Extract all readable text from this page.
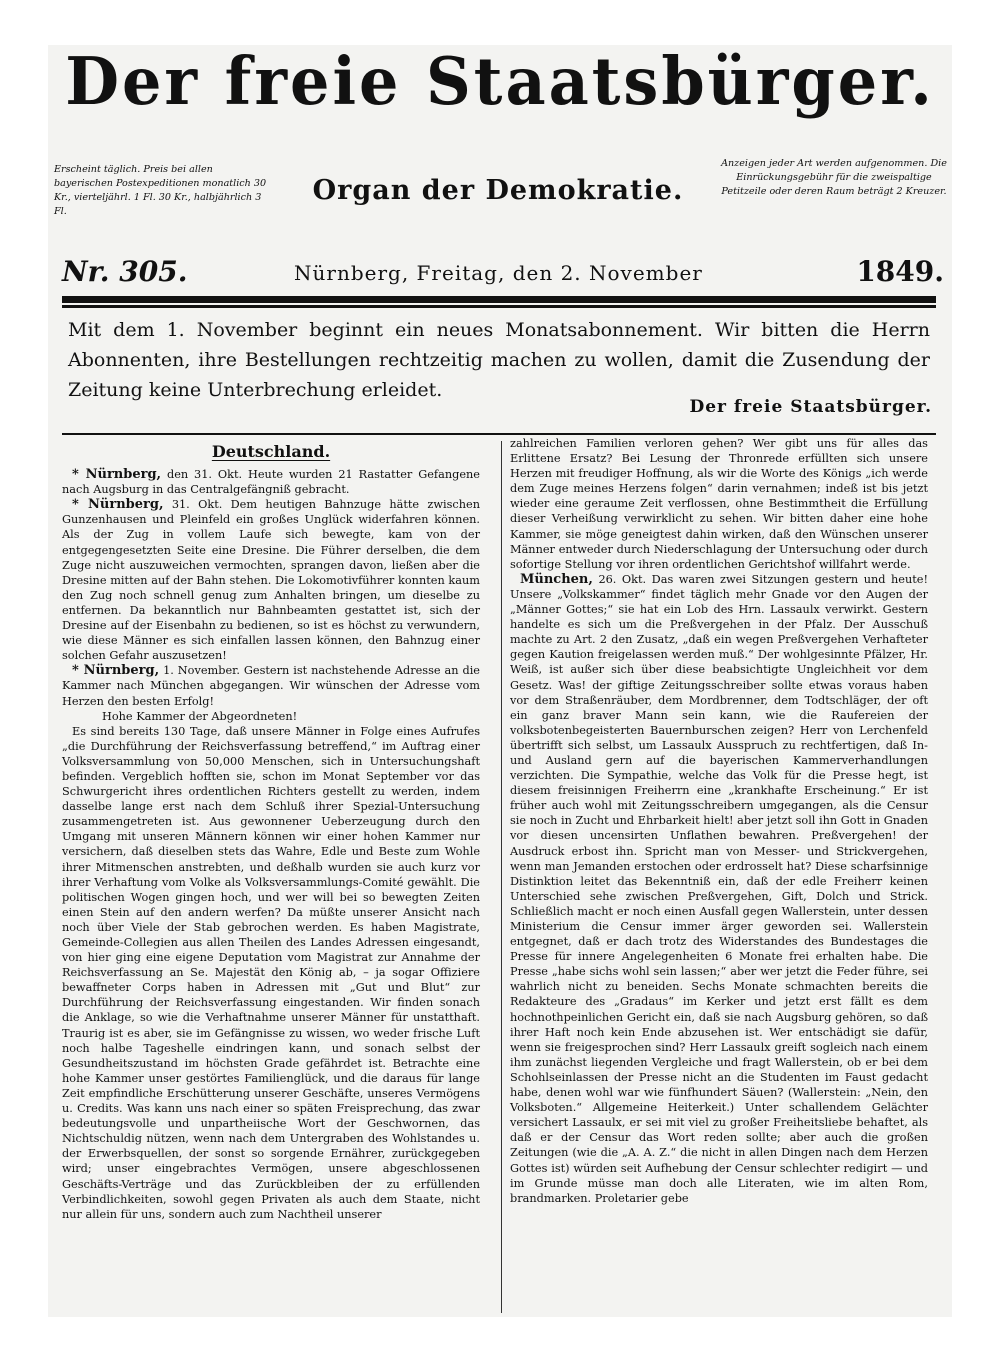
Der freie Staatsbürger.
Erscheint täglich. Preis bei allen bayerischen Postexpeditionen monatlich 30 Kr., vierteljährl. 1 Fl. 30 Kr., halbjährlich 3 Fl.
Organ der Demokratie.
Anzeigen jeder Art werden aufgenommen. Die Einrückungsgebühr für die zweispaltige Petitzeile oder deren Raum beträgt 2 Kreuzer.
Nr. 305.	Nürnberg, Freitag, den 2. November	1849.
Mit dem 1. November beginnt ein neues Monatsabonnement. Wir bitten die Herrn Abonnenten, ihre Bestellungen rechtzeitig machen zu wollen, damit die Zusendung der Zeitung keine Unterbrechung erleidet.
Der freie Staatsbürger.
Deutschland.

* Nürnberg, den 31. Okt. Heute wurden 21 Rastatter Gefangene nach Augsburg in das Centralgefängniß gebracht.

* Nürnberg, 31. Okt. Dem heutigen Bahnzuge hätte zwischen Gunzenhausen und Pleinfeld ein großes Unglück widerfahren können. Als der Zug in vollem Laufe sich bewegte, kam von der entgegengesetzten Seite eine Dresine. Die Führer derselben, die dem Zuge nicht auszuweichen vermochten, sprangen davon, ließen aber die Dresine mitten auf der Bahn stehen. Die Lokomotivführer konnten kaum den Zug noch schnell genug zum Anhalten bringen, um dieselbe zu entfernen. Da bekanntlich nur Bahnbeamten gestattet ist, sich der Dresine auf der Eisenbahn zu bedienen, so ist es höchst zu verwundern, wie diese Männer es sich einfallen lassen können, den Bahnzug einer solchen Gefahr auszusetzen!

* Nürnberg, 1. November. Gestern ist nachstehende Adresse an die Kammer nach München abgegangen. Wir wünschen der Adresse vom Herzen den besten Erfolg!

Hohe Kammer der Abgeordneten!

Es sind bereits 130 Tage, daß unsere Männer in Folge eines Aufrufes „die Durchführung der Reichsverfassung betreffend,“ im Auftrag einer Volksversammlung von 50,000 Menschen, sich in Untersuchungshaft befinden. Vergeblich hofften sie, schon im Monat September vor das Schwurgericht ihres ordentlichen Richters gestellt zu werden, indem dasselbe lange erst nach dem Schluß ihrer Spezial-Untersuchung zusammengetreten ist. Aus gewonnener Ueberzeugung durch den Umgang mit unseren Männern können wir einer hohen Kammer nur versichern, daß dieselben stets das Wahre, Edle und Beste zum Wohle ihrer Mitmenschen anstrebten, und deßhalb wurden sie auch kurz vor ihrer Verhaftung vom Volke als Volksversammlungs-Comité gewählt. Die politischen Wogen gingen hoch, und wer will bei so bewegten Zeiten einen Stein auf den andern werfen? Da müßte unserer Ansicht nach noch über Viele der Stab gebrochen werden. Es haben Magistrate, Gemeinde-Collegien aus allen Theilen des Landes Adressen eingesandt, von hier ging eine eigene Deputation vom Magistrat zur Annahme der Reichsverfassung an Se. Majestät den König ab, – ja sogar Offiziere bewaffneter Corps haben in Adressen mit „Gut und Blut“ zur Durchführung der Reichsverfassung eingestanden. Wir finden sonach die Anklage, so wie die Verhaftnahme unserer Männer für unstatthaft. Traurig ist es aber, sie im Gefängnisse zu wissen, wo weder frische Luft noch halbe Tageshelle eindringen kann, und sonach selbst der Gesundheitszustand im höchsten Grade gefährdet ist. Betrachte eine hohe Kammer unser gestörtes Familienglück, und die daraus für lange Zeit empfindliche Erschütterung unserer Geschäfte, unseres Vermögens u. Credits. Was kann uns nach einer so späten Freisprechung, das zwar bedeutungsvolle und unpartheiische Wort der Geschwornen, das Nichtschuldig nützen, wenn nach dem Untergraben des Wohlstandes u. der Erwerbsquellen, der sonst so sorgende Ernährer, zurückgegeben wird; unser eingebrachtes Vermögen, unsere abgeschlossenen Geschäfts-Verträge und das Zurückbleiben der zu erfüllenden Verbindlichkeiten, sowohl gegen Privaten als auch dem Staate, nicht nur allein für uns, sondern auch zum Nachtheil unserer

zahlreichen Familien verloren gehen? Wer gibt uns für alles das Erlittene Ersatz? Bei Lesung der Thronrede erfüllten sich unsere Herzen mit freudiger Hoffnung, als wir die Worte des Königs „ich werde dem Zuge meines Herzens folgen“ darin vernahmen; indeß ist bis jetzt wieder eine geraume Zeit verflossen, ohne Bestimmtheit die Erfüllung dieser Verheißung verwirklicht zu sehen. Wir bitten daher eine hohe Kammer, sie möge geneigtest dahin wirken, daß den Wünschen unserer Männer entweder durch Niederschlagung der Untersuchung oder durch sofortige Stellung vor ihren ordentlichen Gerichtshof willfahrt werde.

München, 26. Okt. Das waren zwei Sitzungen gestern und heute! Unsere „Volkskammer“ findet täglich mehr Gnade vor den Augen der „Männer Gottes;“ sie hat ein Lob des Hrn. Lassaulx verwirkt. Gestern handelte es sich um die Preßvergehen in der Pfalz. Der Ausschuß machte zu Art. 2 den Zusatz, „daß ein wegen Preßvergehen Verhafteter gegen Kaution freigelassen werden muß.“ Der wohlgesinnte Pfälzer, Hr. Weiß, ist außer sich über diese beabsichtigte Ungleichheit vor dem Gesetz. Was! der giftige Zeitungsschreiber sollte etwas voraus haben vor dem Straßenräuber, dem Mordbrenner, dem Todtschläger, der oft ein ganz braver Mann sein kann, wie die Raufereien der volksbotenbegeisterten Bauernburschen zeigen? Herr von Lerchenfeld übertrifft sich selbst, um Lassaulx Ausspruch zu rechtfertigen, daß In- und Ausland gern auf die bayerischen Kammerverhandlungen verzichten. Die Sympathie, welche das Volk für die Presse hegt, ist diesem freisinnigen Freiherrn eine „krankhafte Erscheinung.“ Er ist früher auch wohl mit Zeitungsschreibern umgegangen, als die Censur sie noch in Zucht und Ehrbarkeit hielt! aber jetzt soll ihn Gott in Gnaden vor diesen uncensirten Unflathen bewahren. Preßvergehen! der Ausdruck erbost ihn. Spricht man von Messer- und Strickvergehen, wenn man Jemanden erstochen oder erdrosselt hat? Diese scharfsinnige Distinktion leitet das Bekenntniß ein, daß der edle Freiherr keinen Unterschied sehe zwischen Preßvergehen, Gift, Dolch und Strick. Schließlich macht er noch einen Ausfall gegen Wallerstein, unter dessen Ministerium die Censur immer ärger geworden sei. Wallerstein entgegnet, daß er dach trotz des Widerstandes des Bundestages die Presse für innere Angelegenheiten 6 Monate frei erhalten habe. Die Presse „habe sichs wohl sein lassen;“ aber wer jetzt die Feder führe, sei wahrlich nicht zu beneiden. Sechs Monate schmachten bereits die Redakteure des „Gradaus“ im Kerker und jetzt erst fällt es dem hochnothpeinlichen Gericht ein, daß sie nach Augsburg gehören, so daß ihrer Haft noch kein Ende abzusehen ist. Wer entschädigt sie dafür, wenn sie freigesprochen sind? Herr Lassaulx greift sogleich nach einem ihm zunächst liegenden Vergleiche und fragt Wallerstein, ob er bei dem Schohlseinlassen der Presse nicht an die Studenten im Faust gedacht habe, denen wohl war wie fünfhundert Säuen? (Wallerstein: „Nein, den Volksboten.“ Allgemeine Heiterkeit.) Unter schallendem Gelächter versichert Lassaulx, er sei mit viel zu großer Freiheitsliebe behaftet, als daß er der Censur das Wort reden sollte; aber auch die großen Zeitungen (wie die „A. A. Z.“ die nicht in allen Dingen nach dem Herzen Gottes ist) würden seit Aufhebung der Censur schlechter redigirt — und im Grunde müsse man doch alle Literaten, wie im alten Rom, brandmarken. Proletarier gebe
